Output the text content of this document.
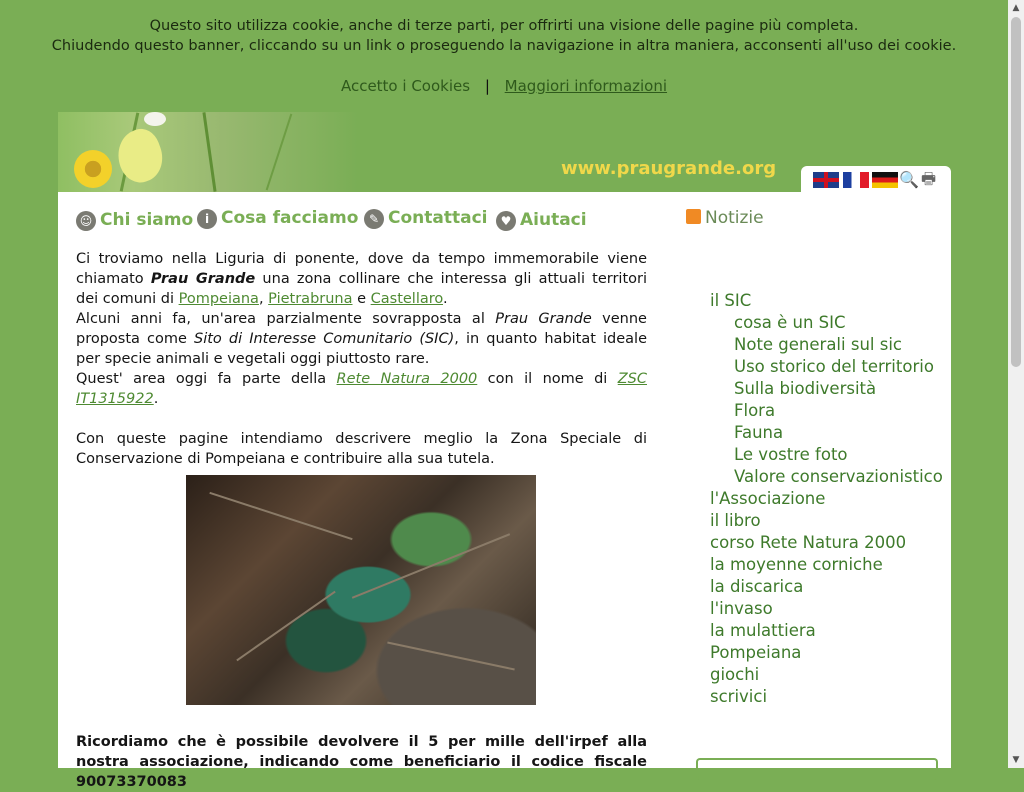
Questo sito utilizza cookie, anche di terze parti, per offrirti una visione delle pagine più completa.
Chiudendo questo banner, cliccando su un link o proseguendo la navigazione in altra maniera, acconsenti all'uso dei cookie.
Accetto i Cookies | Maggiori informazioni
www.praugrande.org
🔍 🖶
☺ Chi siamo i Cosa facciamo ✎ Contattaci	♥ Aiutaci

Ci troviamo nella Liguria di ponente, dove da tempo immemorabile viene chiamato Prau Grande una zona collinare che interessa gli attuali territori dei comuni di Pompeiana, Pietrabruna e Castellaro.

Alcuni anni fa, un'area parzialmente sovrapposta al Prau Grande venne proposta come Sito di Interesse Comunitario (SIC), in quanto habitat ideale per specie animali e vegetali oggi piuttosto rare.

Quest' area oggi fa parte della Rete Natura 2000 con il nome di ZSC IT1315922.

Con queste pagine intendiamo descrivere meglio la Zona Speciale di Conservazione di Pompeiana e contribuire alla sua tutela.

Ricordiamo che è possibile devolvere il 5 per mille dell'irpef alla nostra associazione, indicando come beneficiario il codice fiscale 90073370083
Notizie
il SIC
cosa è un SIC
Note generali sul sic
Uso storico del territorio
Sulla biodiversità
Flora
Fauna
Le vostre foto
Valore conservazionistico
l'Associazione
il libro
corso Rete Natura 2000
la moyenne corniche
la discarica
l'invaso
la mulattiera
Pompeiana
giochi
scrivici
▲
▼
